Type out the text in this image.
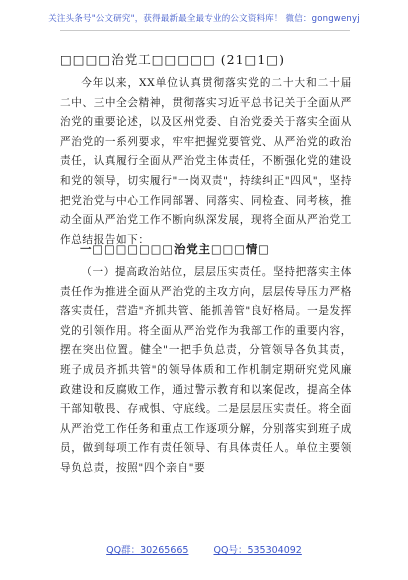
关注头条号"公文研究"，获得最新最全最专业的公文资料库！ 微信：gongwenyj
□□□□治党工□□□□□ (21□1□)

今年以来，XX单位认真贯彻落实党的二十大和二十届二中、三中全会精神，贯彻落实习近平总书记关于全面从严治党的重要论述，以及区州党委、自治党委关于落实全面从严治党的一系列要求，牢牢把握党要管党、从严治党的政治责任，认真履行全面从严治党主体责任，不断强化党的建设和党的领导，切实履行"一岗双责"，持续纠正"四风"，坚持把党治党与中心工作同部署、同落实、同检查、同考核，推动全面从严治党工作不断向纵深发展，现将全面从严治党工作总结报告如下：

一□□□□□□□治党主□□□情□

（一）提高政治站位，层层压实责任。坚持把落实主体责任作为推进全面从严治党的主攻方向，层层传导压力严格落实责任，营造"齐抓共管、能抓善管"良好格局。一是发挥党的引领作用。将全面从严治党作为我部工作的重要内容，摆在突出位置。健全"一把手负总责，分管领导各负其责，班子成员齐抓共管"的领导体质和工作机制定期研究党风廉政建设和反腐败工作，通过警示教育和以案促改，提高全体干部知敬畏、存戒惧、守底线。二是层层压实责任。将全面从严治党工作任务和重点工作逐项分解，分别落实到班子成员，做到每项工作有责任领导、有具体责任人。单位主要领导负总责，按照"四个亲自"要

QQ群：30265665	QQ号：535304092
